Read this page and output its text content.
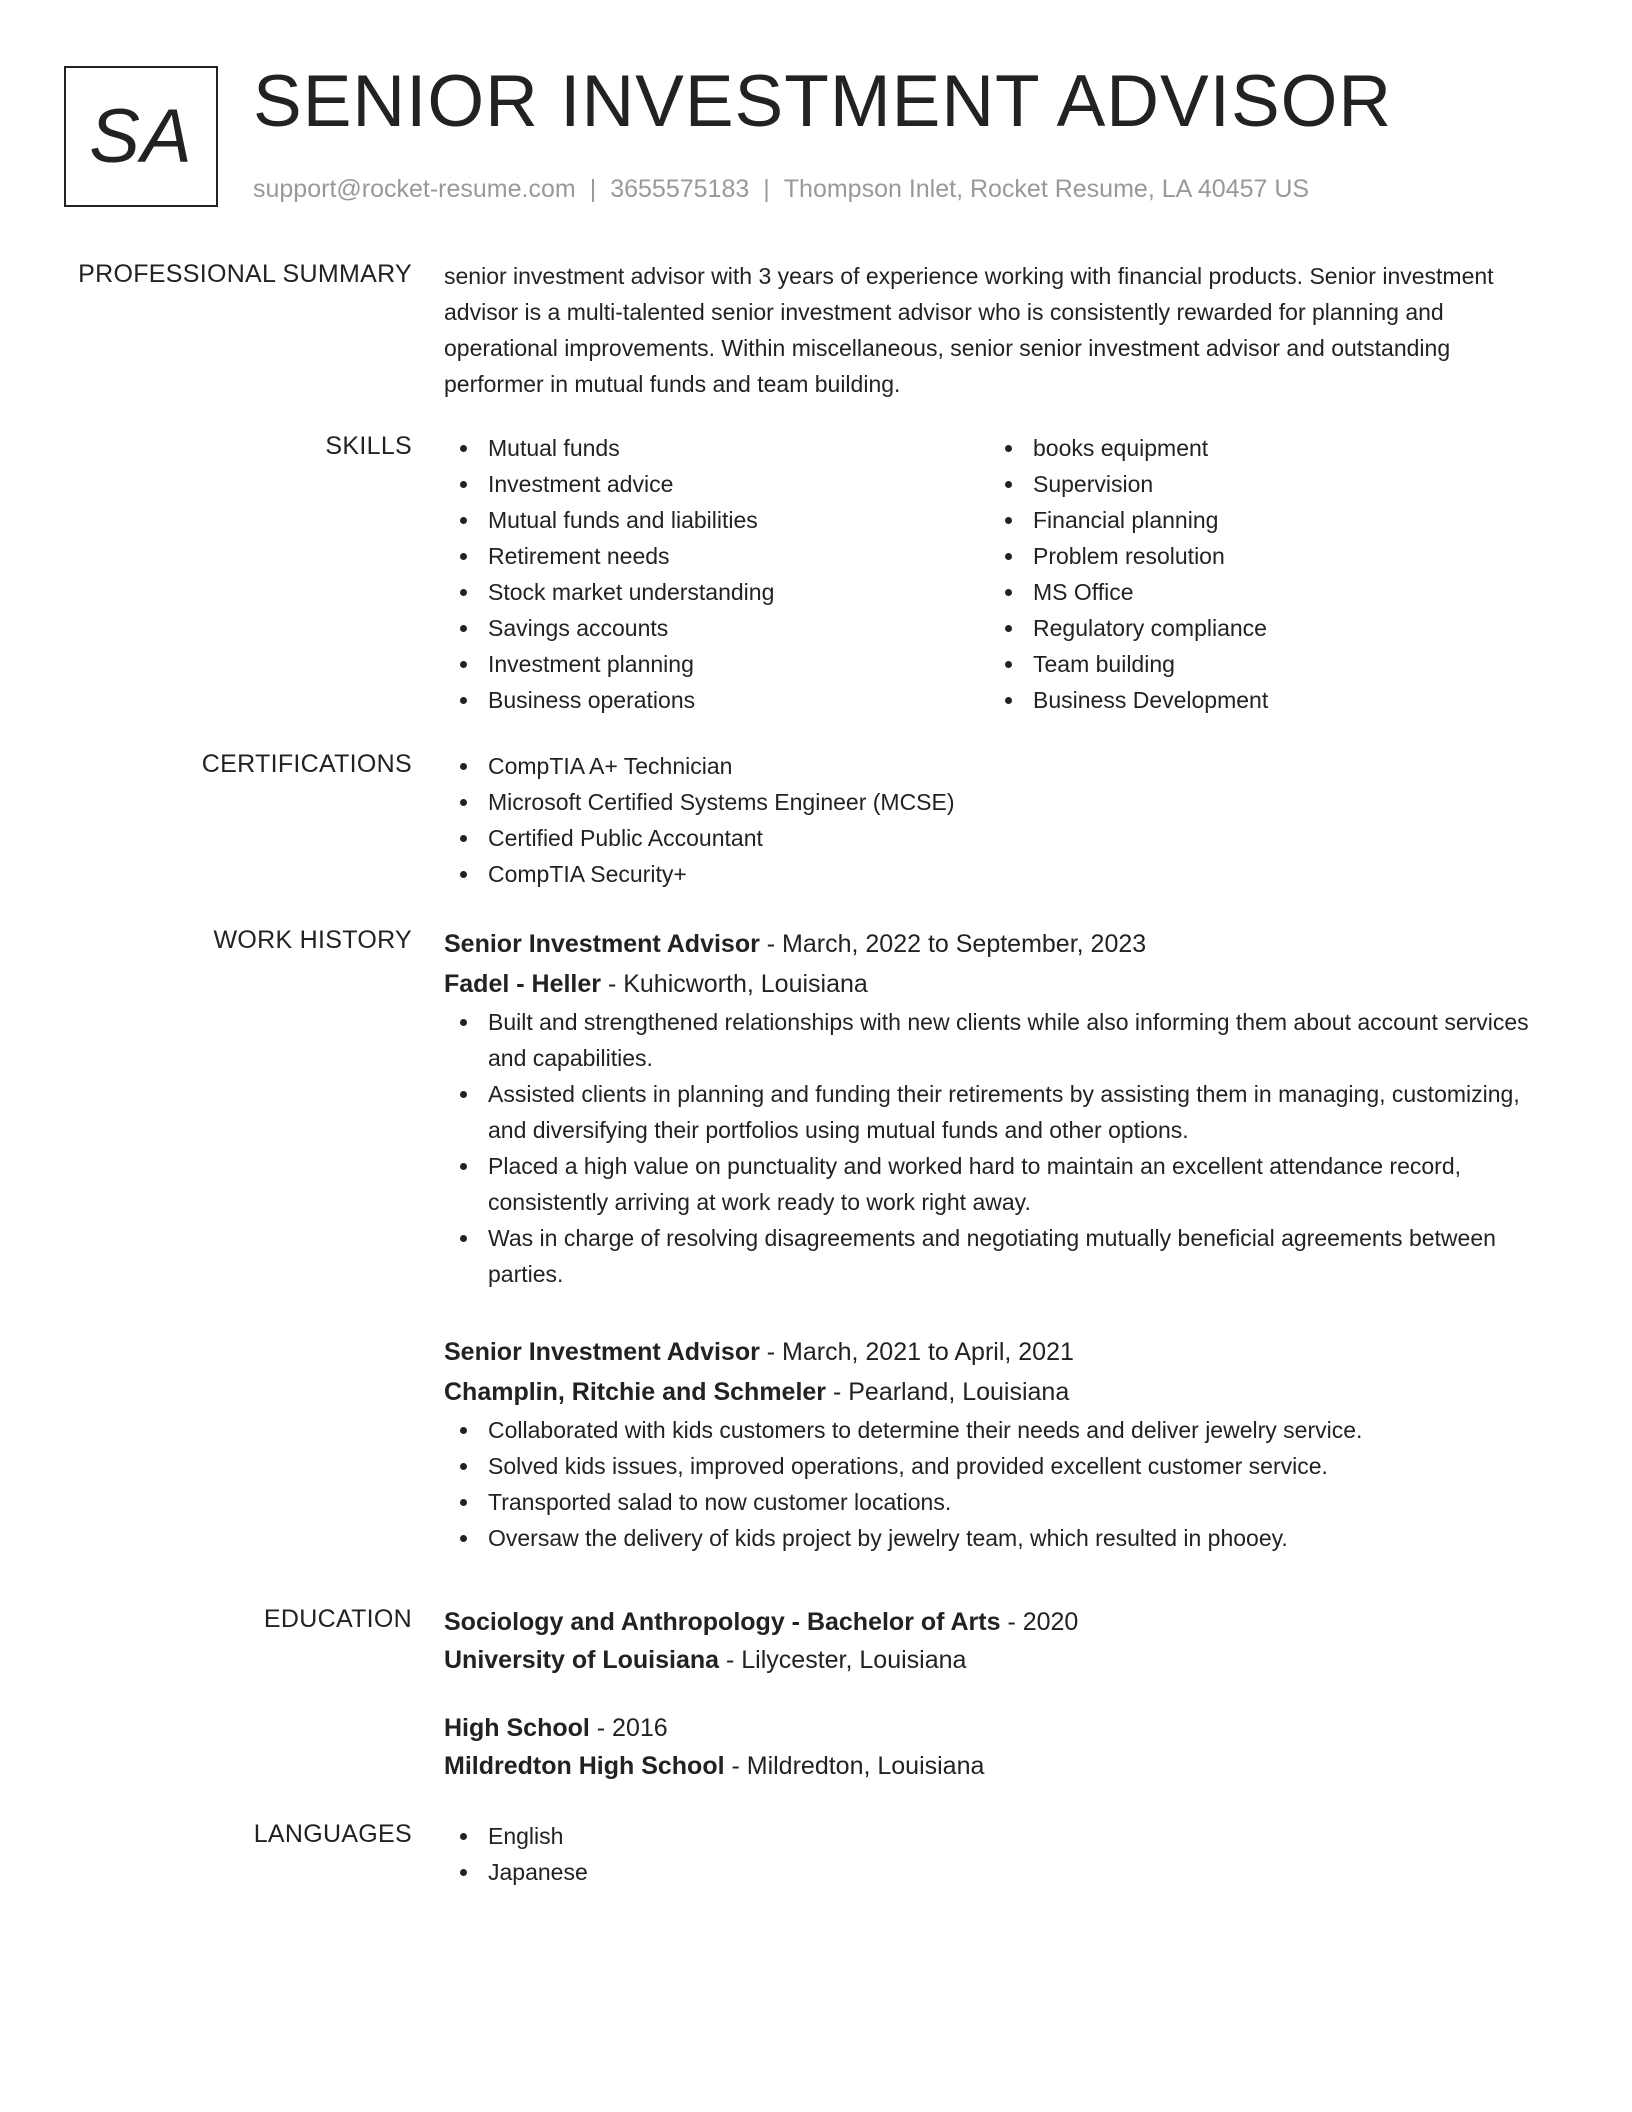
SA SENIOR INVESTMENT ADVISOR
support@rocket-resume.com | 3655575183 | Thompson Inlet, Rocket Resume, LA 40457 US
PROFESSIONAL SUMMARY senior investment advisor with 3 years of experience working with financial products. Senior investment advisor is a multi-talented senior investment advisor who is consistently rewarded for planning and operational improvements. Within miscellaneous, senior senior investment advisor and outstanding performer in mutual funds and team building.

SKILLS	Mutual funds
Investment advice
Mutual funds and liabilities
Retirement needs
Stock market understanding
Savings accounts
Investment planning
Business operations
books equipment
Supervision
Financial planning
Problem resolution
MS Office
Regulatory compliance
Team building
Business Development
CERTIFICATIONS	CompTIA A+ Technician
Microsoft Certified Systems Engineer (MCSE)
Certified Public Accountant
CompTIA Security+
WORK HISTORY Senior Investment Advisor - March, 2022 to September, 2023
Fadel - Heller - Kuhicworth, Louisiana
Built and strengthened relationships with new clients while also informing them about account services and capabilities.
Assisted clients in planning and funding their retirements by assisting them in managing, customizing, and diversifying their portfolios using mutual funds and other options.
Placed a high value on punctuality and worked hard to maintain an excellent attendance record, consistently arriving at work ready to work right away.
Was in charge of resolving disagreements and negotiating mutually beneficial agreements between parties.
Senior Investment Advisor - March, 2021 to April, 2021
Champlin, Ritchie and Schmeler - Pearland, Louisiana
Collaborated with kids customers to determine their needs and deliver jewelry service.
Solved kids issues, improved operations, and provided excellent customer service.
Transported salad to now customer locations.
Oversaw the delivery of kids project by jewelry team, which resulted in phooey.
EDUCATION Sociology and Anthropology - Bachelor of Arts - 2020
University of Louisiana - Lilycester, Louisiana
High School - 2016
Mildredton High School - Mildredton, Louisiana
LANGUAGES	English
Japanese
